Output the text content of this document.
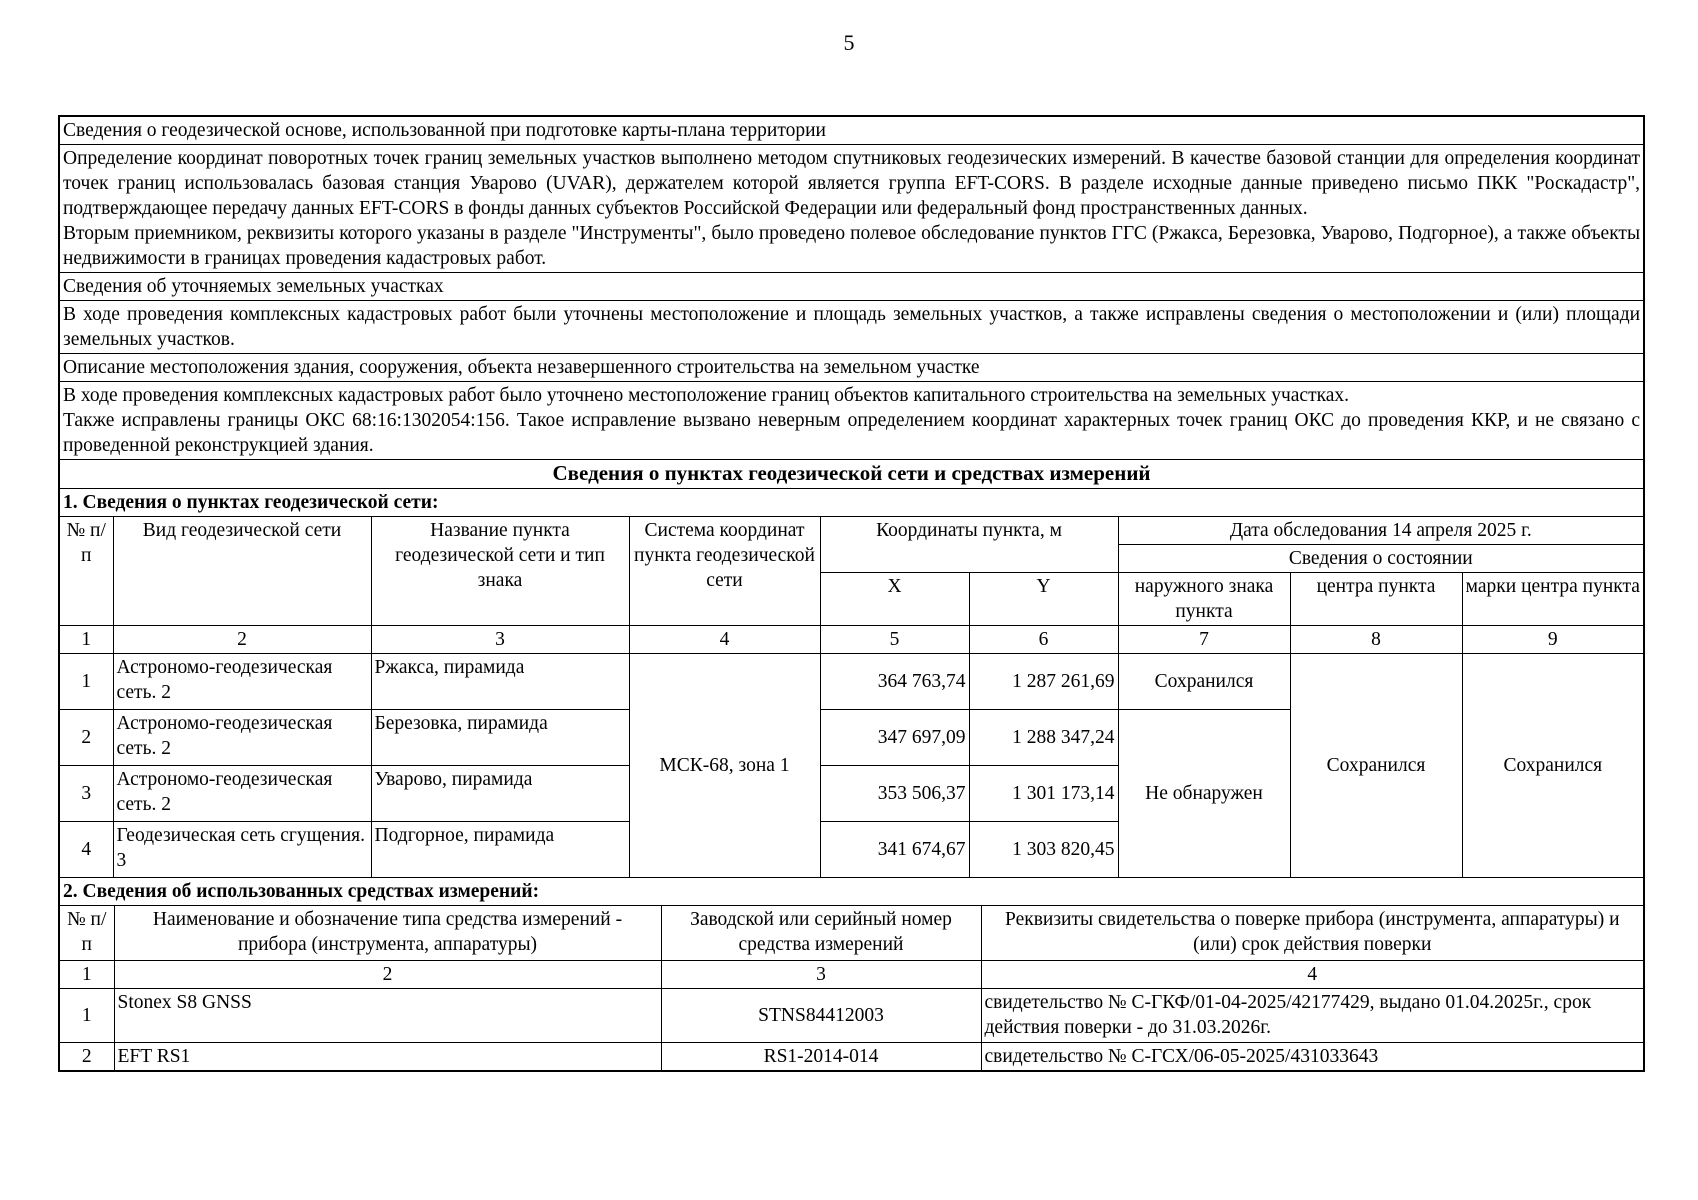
5
Сведения о геодезической основе, использованной при подготовке карты-плана территории

Определение координат поворотных точек границ земельных участков выполнено методом спутниковых геодезических измерений. В качестве базовой станции для определения координат точек границ использовалась базовая станция Уварово (UVAR), держателем которой является группа EFT-CORS. В разделе исходные данные приведено письмо ПКК "Роскадастр", подтверждающее передачу данных EFT-CORS в фонды данных субъектов Российской Федерации или федеральный фонд пространственных данных.
Вторым приемником, реквизиты которого указаны в разделе "Инструменты", было проведено полевое обследование пунктов ГГС (Ржакса, Березовка, Уварово, Подгорное), а также объекты недвижимости в границах проведения кадастровых работ.

Сведения об уточняемых земельных участках
В ходе проведения комплексных кадастровых работ были уточнены местоположение и площадь земельных участков, а также исправлены сведения о местоположении и (или) площади земельных участков.
Описание местоположения здания, сооружения, объекта незавершенного строительства на земельном участке

В ходе проведения комплексных кадастровых работ было уточнено местоположение границ объектов капитального строительства на земельных участках.
Также исправлены границы ОКС 68:16:1302054:156. Такое исправление вызвано неверным определением координат характерных точек границ ОКС до проведения ККР, и не связано с проведенной реконструкцией здания.

Сведения о пунктах геодезической сети и средствах измерений
1. Сведения о пунктах геодезической сети:
№ п/п	Вид геодезической сети	Название пункта геодезической сети и тип знака	Система координат пункта геодезической сети	Координаты пункта, м	Дата обследования 14 апреля 2025 г.
Сведения о состоянии
X	Y	наружного знака пункта	центра пункта	марки центра пункта
1	2	3	4	5	6	7	8	9
1	Астрономо-геодезическая сеть. 2	Ржакса, пирамида	МСК-68, зона 1	364 763,74	1 287 261,69	Сохранился	Сохранился	Сохранился
2	Астрономо-геодезическая сеть. 2	Березовка, пирамида	347 697,09	1 288 347,24	Не обнаружен
3	Астрономо-геодезическая сеть. 2	Уварово, пирамида	353 506,37	1 301 173,14
4	Геодезическая сеть сгущения. 3	Подгорное, пирамида	341 674,67	1 303 820,45
2. Сведения об использованных средствах измерений:

№ п/п	Наименование и обозначение типа средства измерений - прибора (инструмента, аппаратуры)	Заводской или серийный номер средства измерений	Реквизиты свидетельства о поверке прибора (инструмента, аппаратуры) и (или) срок действия поверки
1	2	3	4
1	Stonex S8 GNSS	STNS84412003	свидетельство № С-ГКФ/01-04-2025/42177429, выдано 01.04.2025г., срок действия поверки - до 31.03.2026г.
2	EFT RS1	RS1-2014-014	свидетельство № С-ГСХ/06-05-2025/431033643
